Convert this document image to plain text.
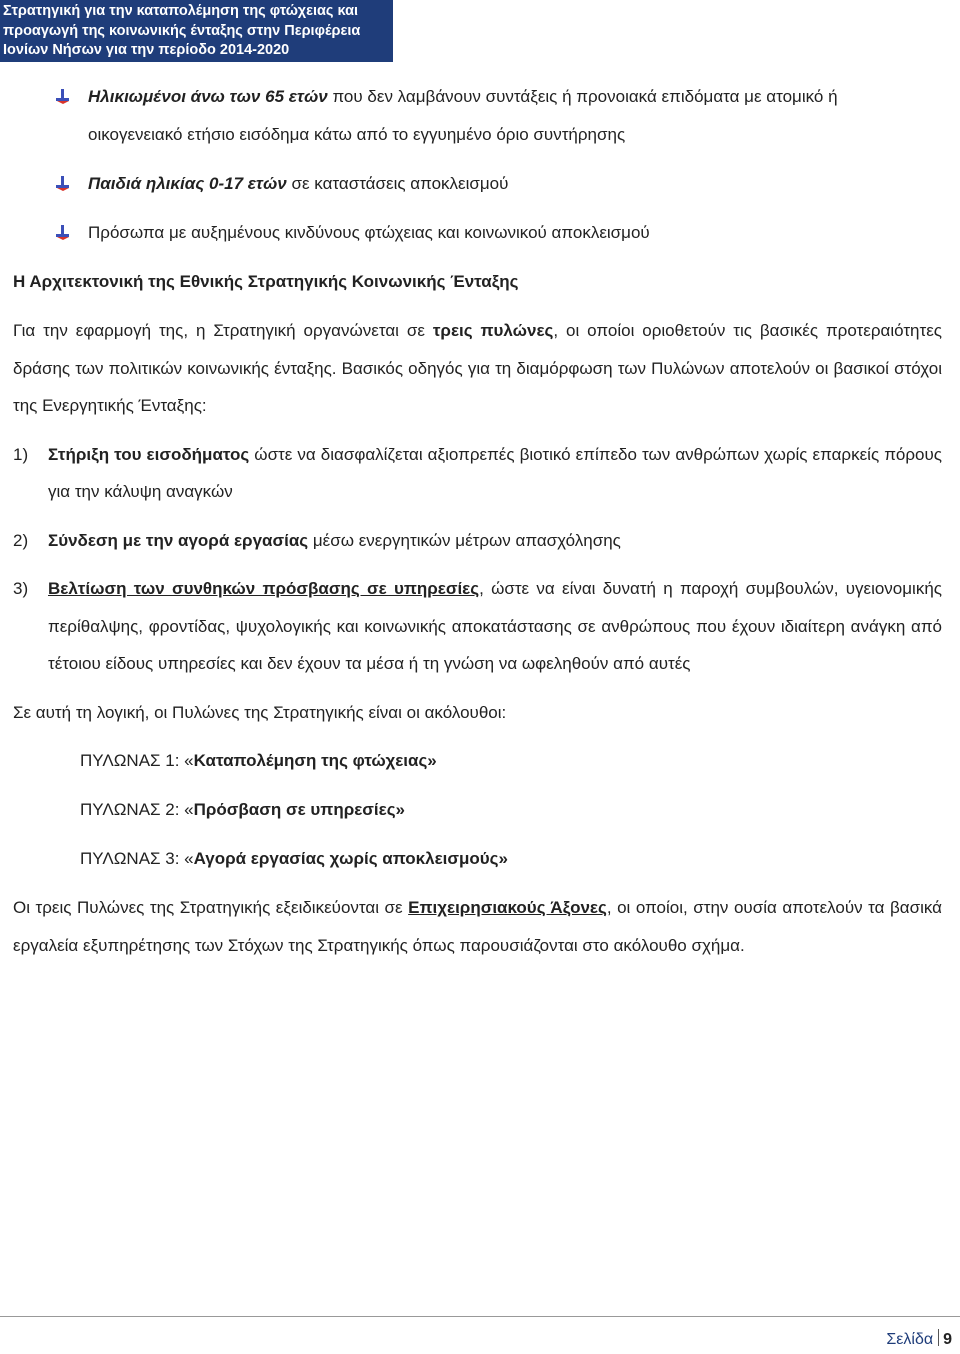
Στρατηγική για την καταπολέμηση της φτώχειας και
προαγωγή της κοινωνικής ένταξης στην Περιφέρεια
Ιονίων Νήσων για την περίοδο 2014-2020
Ηλικιωμένοι άνω των 65 ετών που δεν λαμβάνουν συντάξεις ή προνοιακά επιδόματα με ατομικό ή
οικογενειακό ετήσιο εισόδημα κάτω από το εγγυημένο όριο συντήρησης
Παιδιά ηλικίας 0-17 ετών σε καταστάσεις αποκλεισμού
Πρόσωπα με αυξημένους κινδύνους φτώχειας και κοινωνικού αποκλεισμού
Η Αρχιτεκτονική της Εθνικής Στρατηγικής Κοινωνικής Ένταξης
Για την εφαρμογή της, η Στρατηγική οργανώνεται σε τρεις πυλώνες, οι οποίοι οριοθετούν τις βασικές προτεραιότητες δράσης των πολιτικών κοινωνικής ένταξης. Βασικός οδηγός για τη διαμόρφωση των Πυλώνων αποτελούν οι βασικοί στόχοι της Ενεργητικής Ένταξης:
1) Στήριξη του εισοδήματος ώστε να διασφαλίζεται αξιοπρεπές βιοτικό επίπεδο των ανθρώπων χωρίς επαρκείς πόρους για την κάλυψη αναγκών
2) Σύνδεση με την αγορά εργασίας μέσω ενεργητικών μέτρων απασχόλησης
3) Βελτίωση των συνθηκών πρόσβασης σε υπηρεσίες, ώστε να είναι δυνατή η παροχή συμβουλών, υγειονομικής περίθαλψης, φροντίδας, ψυχολογικής και κοινωνικής αποκατάστασης σε ανθρώπους που έχουν ιδιαίτερη ανάγκη από τέτοιου είδους υπηρεσίες και δεν έχουν τα μέσα ή τη γνώση να ωφεληθούν από αυτές
Σε αυτή τη λογική, οι Πυλώνες της Στρατηγικής είναι οι ακόλουθοι:
ΠΥΛΩΝΑΣ 1: «Καταπολέμηση της φτώχειας»
ΠΥΛΩΝΑΣ 2: «Πρόσβαση σε υπηρεσίες»
ΠΥΛΩΝΑΣ 3: «Αγορά εργασίας χωρίς αποκλεισμούς»
Οι τρεις Πυλώνες της Στρατηγικής εξειδικεύονται σε Επιχειρησιακούς Άξονες, οι οποίοι, στην ουσία αποτελούν τα βασικά εργαλεία εξυπηρέτησης των Στόχων της Στρατηγικής όπως παρουσιάζονται στο ακόλουθο σχήμα.
Σελίδα 9
